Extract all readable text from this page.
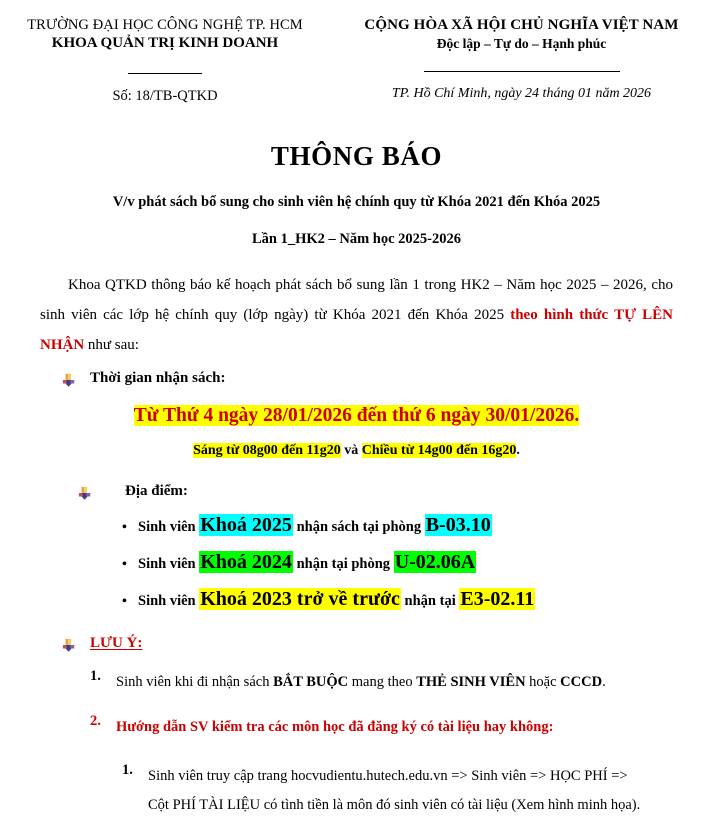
TRƯỜNG ĐẠI HỌC CÔNG NGHỆ TP. HCM
KHOA QUẢN TRỊ KINH DOANH
Số: 18/TB-QTKD
CỘNG HÒA XÃ HỘI CHỦ NGHĨA VIỆT NAM
Độc lập – Tự do – Hạnh phúc
TP. Hồ Chí Minh, ngày 24 tháng 01 năm 2026
THÔNG BÁO
V/v phát sách bổ sung cho sinh viên hệ chính quy từ Khóa 2021 đến Khóa 2025
Lần 1_HK2 – Năm học 2025-2026
Khoa QTKD thông báo kế hoạch phát sách bổ sung lần 1 trong HK2 – Năm học 2025 – 2026, cho sinh viên các lớp hệ chính quy (lớp ngày) từ Khóa 2021 đến Khóa 2025 theo hình thức TỰ LÊN NHẬN như sau:
Thời gian nhận sách:
Từ Thứ 4 ngày 28/01/2026 đến thứ 6 ngày 30/01/2026.
Sáng từ 08g00 đến 11g20 và Chiều từ 14g00 đến 16g20.
Địa điểm:
• Sinh viên Khoá 2025 nhận sách tại phòng B-03.10
• Sinh viên Khoá 2024 nhận tại phòng U-02.06A
• Sinh viên Khoá 2023 trở về trước nhận tại E3-02.11
LƯU Ý:
1.	Sinh viên khi đi nhận sách BẮT BUỘC mang theo THẺ SINH VIÊN hoặc CCCD.
2.	Hướng dẫn SV kiểm tra các môn học đã đăng ký có tài liệu hay không:
1.	Sinh viên truy cập trang hocvudientu.hutech.edu.vn => Sinh viên => HỌC PHÍ => Cột PHÍ TÀI LIỆU có tình tiền là môn đó sinh viên có tài liệu (Xem hình minh họa).
